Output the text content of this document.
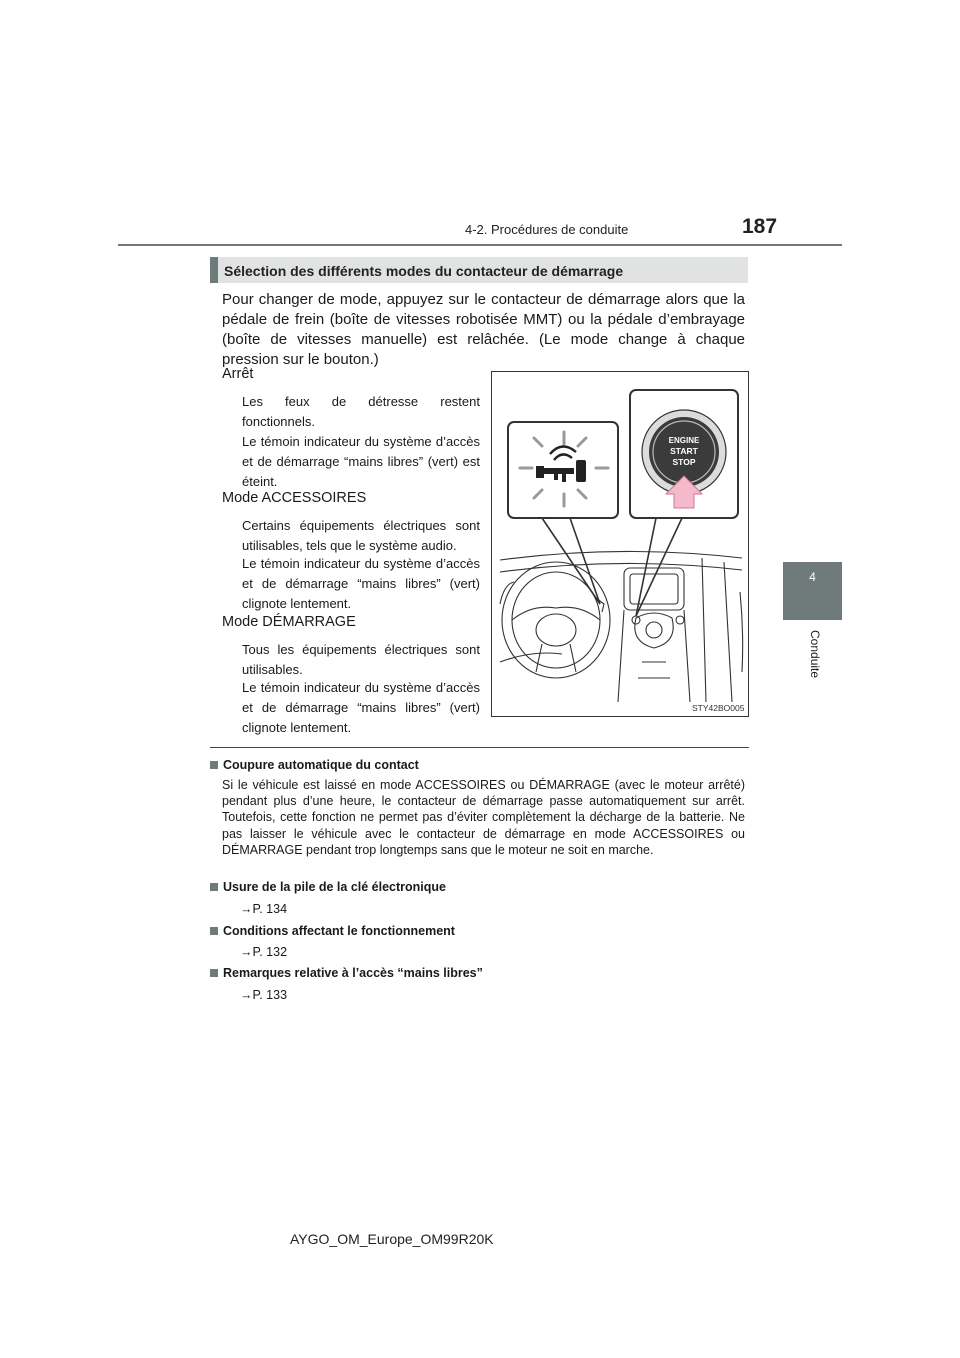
4-2. Procédures de conduite	187
4
Conduite
Sélection des différents modes du contacteur de démarrage
Pour changer de mode, appuyez sur le contacteur de démarrage alors que la pédale de frein (boîte de vitesses robotisée MMT) ou la pédale d’embrayage (boîte de vitesses manuelle) est relâchée. (Le mode change à chaque pression sur le bouton.)
Arrêt
Les feux de détresse restent fonctionnels.
Le témoin indicateur du système d’accès et de démarrage “mains libres” (vert) est éteint.
Mode ACCESSOIRES
Certains équipements électriques sont utilisables, tels que le système audio.
Le témoin indicateur du système d’accès et de démarrage “mains libres” (vert) clignote lentement.
Mode DÉMARRAGE
Tous les équipements électriques sont utilisables.
Le témoin indicateur du système d’accès et de démarrage “mains libres” (vert) clignote lentement.
ENGINE
START
STOP
STY42BO005
Coupure automatique du contact
Si le véhicule est laissé en mode ACCESSOIRES ou DÉMARRAGE (avec le moteur arrêté) pendant plus d’une heure, le contacteur de démarrage passe automatiquement sur arrêt. Toutefois, cette fonction ne permet pas d’éviter complètement la décharge de la batterie. Ne pas laisser le véhicule avec le contacteur de démarrage en mode ACCESSOIRES ou DÉMARRAGE pendant trop longtemps sans que le moteur ne soit en marche.
Usure de la pile de la clé électronique
→P. 134
Conditions affectant le fonctionnement
→P. 132
Remarques relative à l’accès “mains libres”
→P. 133
AYGO_OM_Europe_OM99R20K
